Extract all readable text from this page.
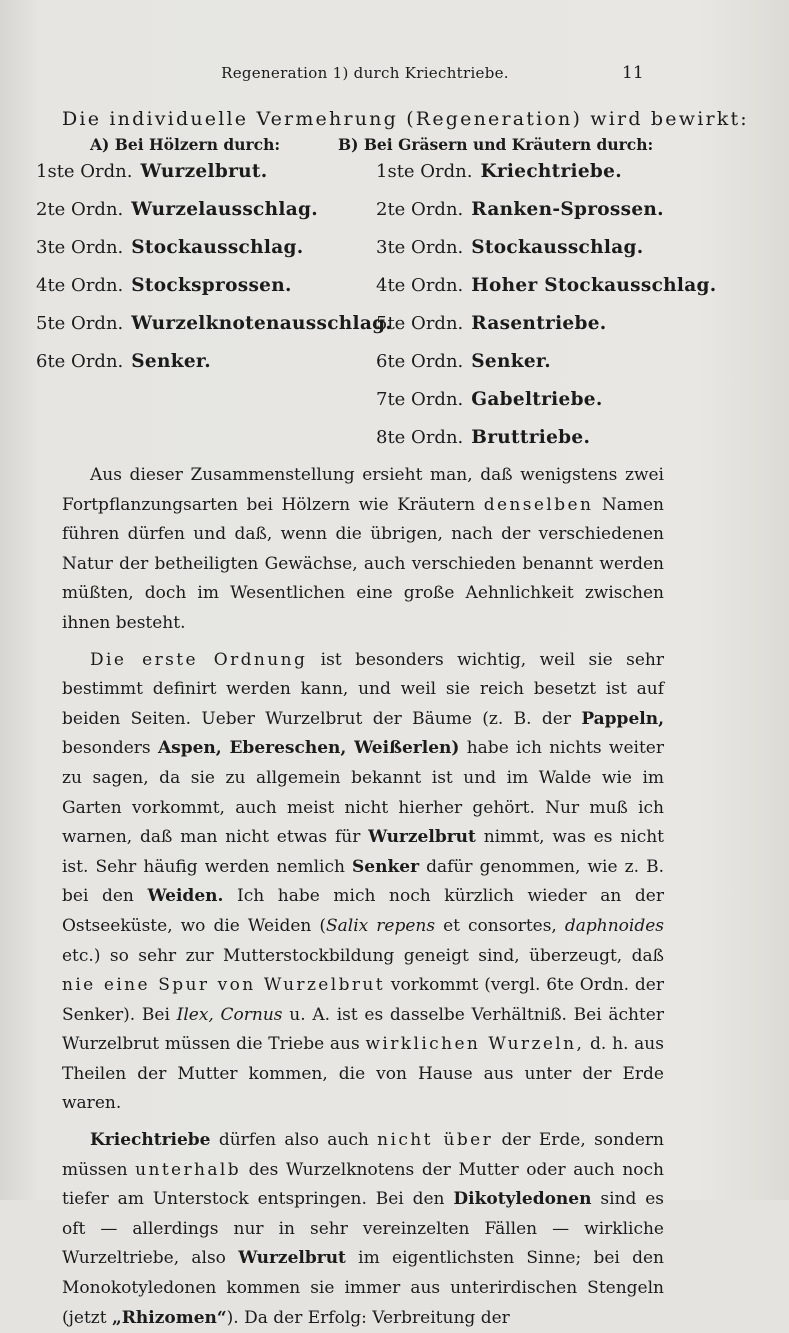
Regeneration 1) durch Kriechtriebe.	11
Die individuelle Vermehrung (Regeneration) wird bewirkt:
A) Bei Hölzern durch:	B) Bei Gräsern und Kräutern durch:
1ste Ordn. Wurzelbrut.
2te Ordn. Wurzelausschlag.
3te Ordn. Stockausschlag.
4te Ordn. Stocksprossen.
5te Ordn. Wurzelknotenausschlag.
6te Ordn. Senker.
1ste Ordn. Kriechtriebe.
2te Ordn. Ranken-Sprossen.
3te Ordn. Stockausschlag.
4te Ordn. Hoher Stockausschlag.
5te Ordn. Rasentriebe.
6te Ordn. Senker.
7te Ordn. Gabeltriebe.
8te Ordn. Bruttriebe.

Aus dieser Zusammenstellung ersieht man, daß wenigstens zwei Fortpflanzungsarten bei Hölzern wie Kräutern denselben Namen führen dürfen und daß, wenn die übrigen, nach der verschiedenen Natur der betheiligten Gewächse, auch verschieden benannt werden müßten, doch im Wesentlichen eine große Aehnlichkeit zwischen ihnen besteht.

Die erste Ordnung ist besonders wichtig, weil sie sehr bestimmt definirt werden kann, und weil sie reich besetzt ist auf beiden Seiten. Ueber Wurzelbrut der Bäume (z. B. der Pappeln, besonders Aspen, Ebereschen, Weißerlen) habe ich nichts weiter zu sagen, da sie zu allgemein bekannt ist und im Walde wie im Garten vorkommt, auch meist nicht hierher gehört. Nur muß ich warnen, daß man nicht etwas für Wurzelbrut nimmt, was es nicht ist. Sehr häufig werden nemlich Senker dafür genommen, wie z. B. bei den Weiden. Ich habe mich noch kürzlich wieder an der Ostseeküste, wo die Weiden (Salix repens et consortes, daphnoides etc.) so sehr zur Mutterstockbildung geneigt sind, überzeugt, daß nie eine Spur von Wurzelbrut vorkommt (vergl. 6te Ordn. der Senker). Bei Ilex, Cornus u. A. ist es dasselbe Verhältniß. Bei ächter Wurzelbrut müssen die Triebe aus wirklichen Wurzeln, d. h. aus Theilen der Mutter kommen, die von Hause aus unter der Erde waren.

Kriechtriebe dürfen also auch nicht über der Erde, sondern müssen unterhalb des Wurzelknotens der Mutter oder auch noch tiefer am Unterstock entspringen. Bei den Dikotyledonen sind es oft — allerdings nur in sehr vereinzelten Fällen — wirkliche Wurzeltriebe, also Wurzelbrut im eigentlichsten Sinne; bei den Monokotyledonen kommen sie immer aus unterirdischen Stengeln (jetzt „Rhizomen“). Da der Erfolg: Verbreitung der
